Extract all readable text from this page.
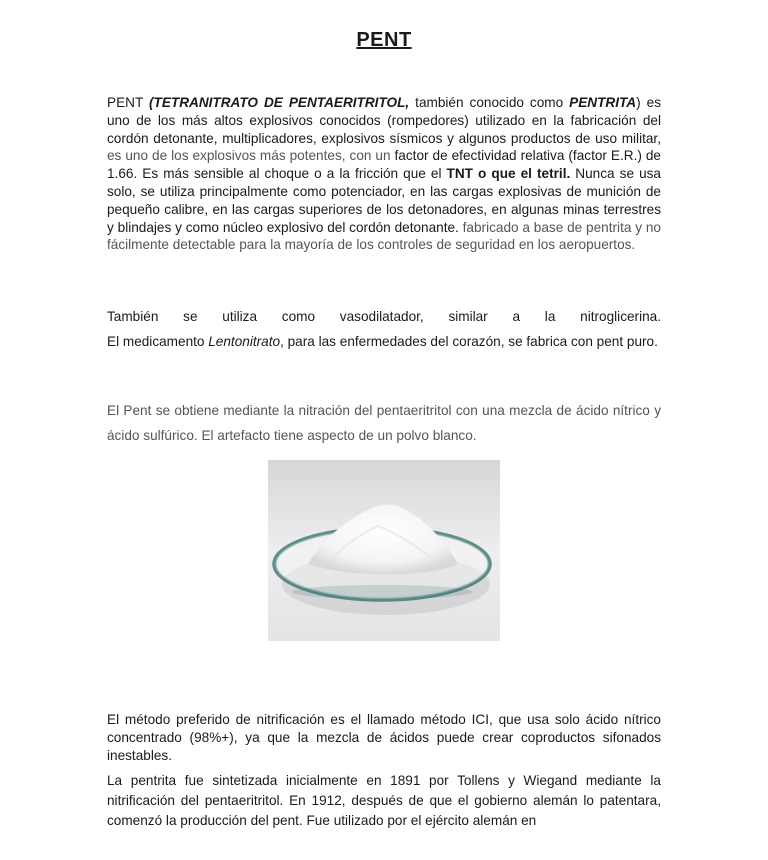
PENT
PENT (TETRANITRATO DE PENTAERITRITOL, también conocido como PENTRITA) es uno de los más altos explosivos conocidos (rompedores) utilizado en la fabricación del cordón detonante, multiplicadores, explosivos sísmicos y algunos productos de uso militar, es uno de los explosivos más potentes, con un factor de efectividad relativa (factor E.R.) de 1.66. Es más sensible al choque o a la fricción que el TNT o que el tetril. Nunca se usa solo, se utiliza principalmente como potenciador, en las cargas explosivas de munición de pequeño calibre, en las cargas superiores de los detonadores, en algunas minas terrestres y blindajes y como núcleo explosivo del cordón detonante. fabricado a base de pentrita y no fácilmente detectable para la mayoría de los controles de seguridad en los aeropuertos.
También se utiliza como vasodilatador, similar a la nitroglicerina.
El medicamento Lentonitrato, para las enfermedades del corazón, se fabrica con pent puro.
El Pent se obtiene mediante la nitración del pentaeritritol con una mezcla de ácido nítrico y ácido sulfúrico. El artefacto tiene aspecto de un polvo blanco.
El método preferido de nitrificación es el llamado método ICI, que usa solo ácido nítrico concentrado (98%+), ya que la mezcla de ácidos puede crear coproductos sifonados inestables.
La pentrita fue sintetizada inicialmente en 1891 por Tollens y Wiegand mediante la nitrificación del pentaeritritol. En 1912, después de que el gobierno alemán lo patentara, comenzó la producción del pent. Fue utilizado por el ejército alemán en
